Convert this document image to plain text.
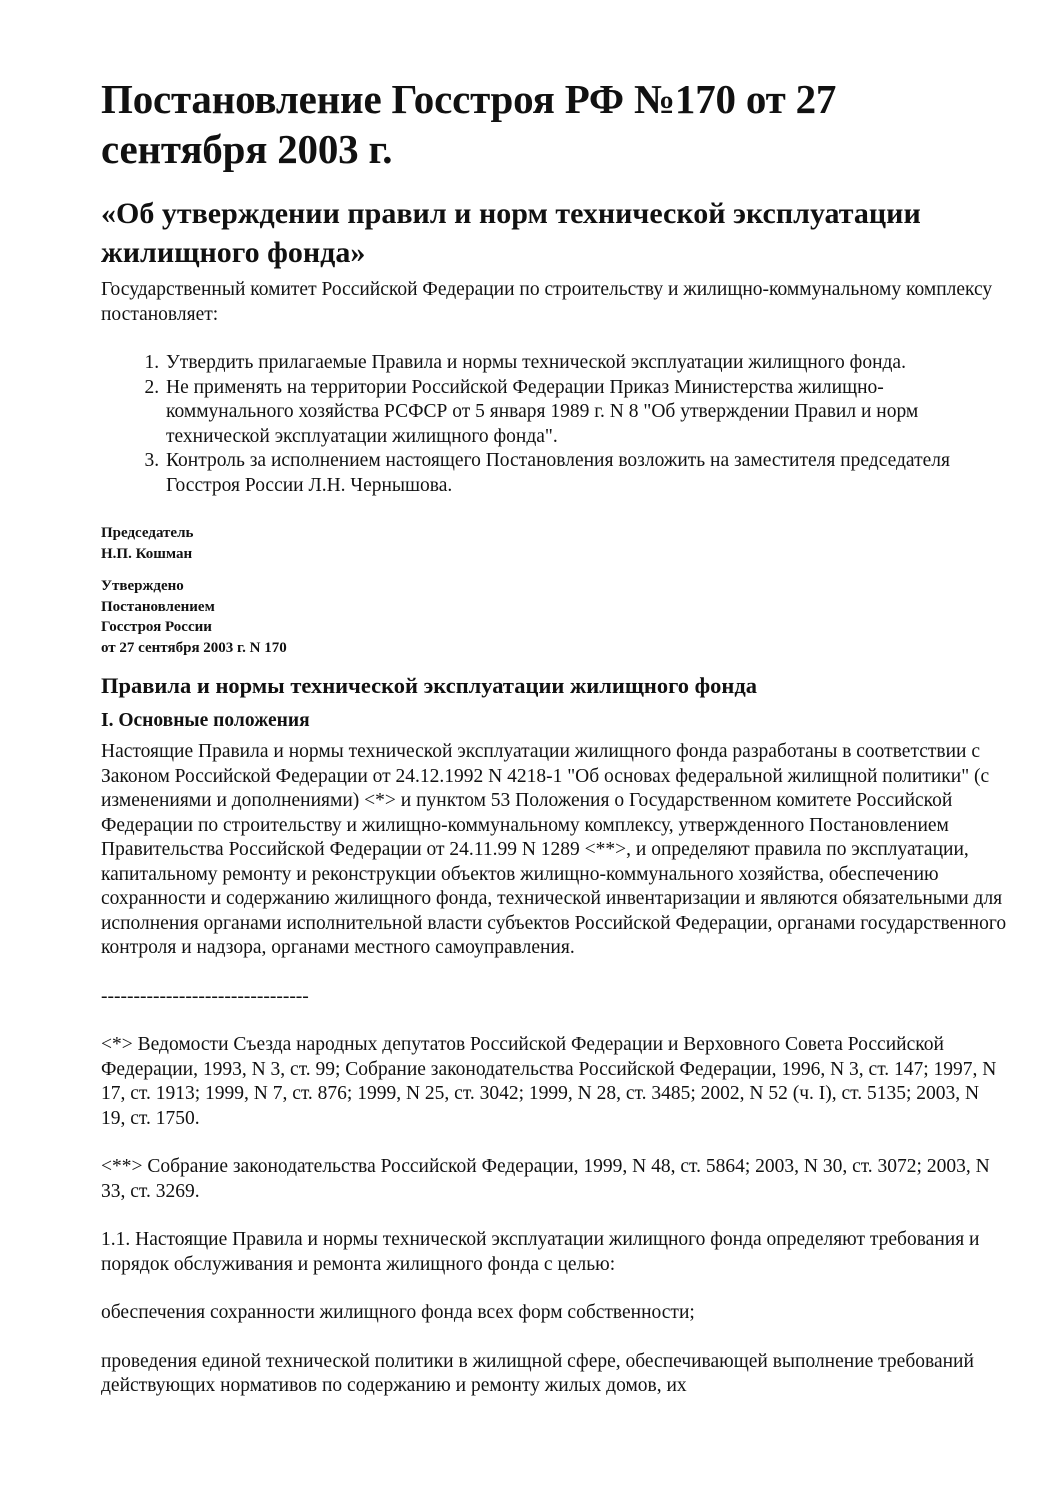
Постановление Госстроя РФ №170 от 27 сентября 2003 г.
«Об утверждении правил и норм технической эксплуатации жилищного фонда»

Государственный комитет Российской Федерации по строительству и жилищно-коммунальному комплексу постановляет:

1. Утвердить прилагаемые Правила и нормы технической эксплуатации жилищного фонда.
2. Не применять на территории Российской Федерации Приказ Министерства жилищно-коммунального хозяйства РСФСР от 5 января 1989 г. N 8 "Об утверждении Правил и норм технической эксплуатации жилищного фонда".
3. Контроль за исполнением настоящего Постановления возложить на заместителя председателя Госстроя России Л.Н. Чернышова.
Председатель
Н.П. Кошман
Утверждено
Постановлением
Госстроя России
от 27 сентября 2003 г. N 170
Правила и нормы технической эксплуатации жилищного фонда
I. Основные положения

Настоящие Правила и нормы технической эксплуатации жилищного фонда разработаны в соответствии с Законом Российской Федерации от 24.12.1992 N 4218-1 "Об основах федеральной жилищной политики" (с изменениями и дополнениями) <*> и пунктом 53 Положения о Государственном комитете Российской Федерации по строительству и жилищно-коммунальному комплексу, утвержденного Постановлением Правительства Российской Федерации от 24.11.99 N 1289 <**>, и определяют правила по эксплуатации, капитальному ремонту и реконструкции объектов жилищно-коммунального хозяйства, обеспечению сохранности и содержанию жилищного фонда, технической инвентаризации и являются обязательными для исполнения органами исполнительной власти субъектов Российской Федерации, органами государственного контроля и надзора, органами местного самоуправления.

--------------------------------

<*> Ведомости Съезда народных депутатов Российской Федерации и Верховного Совета Российской Федерации, 1993, N 3, ст. 99; Собрание законодательства Российской Федерации, 1996, N 3, ст. 147; 1997, N 17, ст. 1913; 1999, N 7, ст. 876; 1999, N 25, ст. 3042; 1999, N 28, ст. 3485; 2002, N 52 (ч. I), ст. 5135; 2003, N 19, ст. 1750.

<**> Собрание законодательства Российской Федерации, 1999, N 48, ст. 5864; 2003, N 30, ст. 3072; 2003, N 33, ст. 3269.

1.1. Настоящие Правила и нормы технической эксплуатации жилищного фонда определяют требования и порядок обслуживания и ремонта жилищного фонда с целью:

обеспечения сохранности жилищного фонда всех форм собственности;

проведения единой технической политики в жилищной сфере, обеспечивающей выполнение требований действующих нормативов по содержанию и ремонту жилых домов, их
